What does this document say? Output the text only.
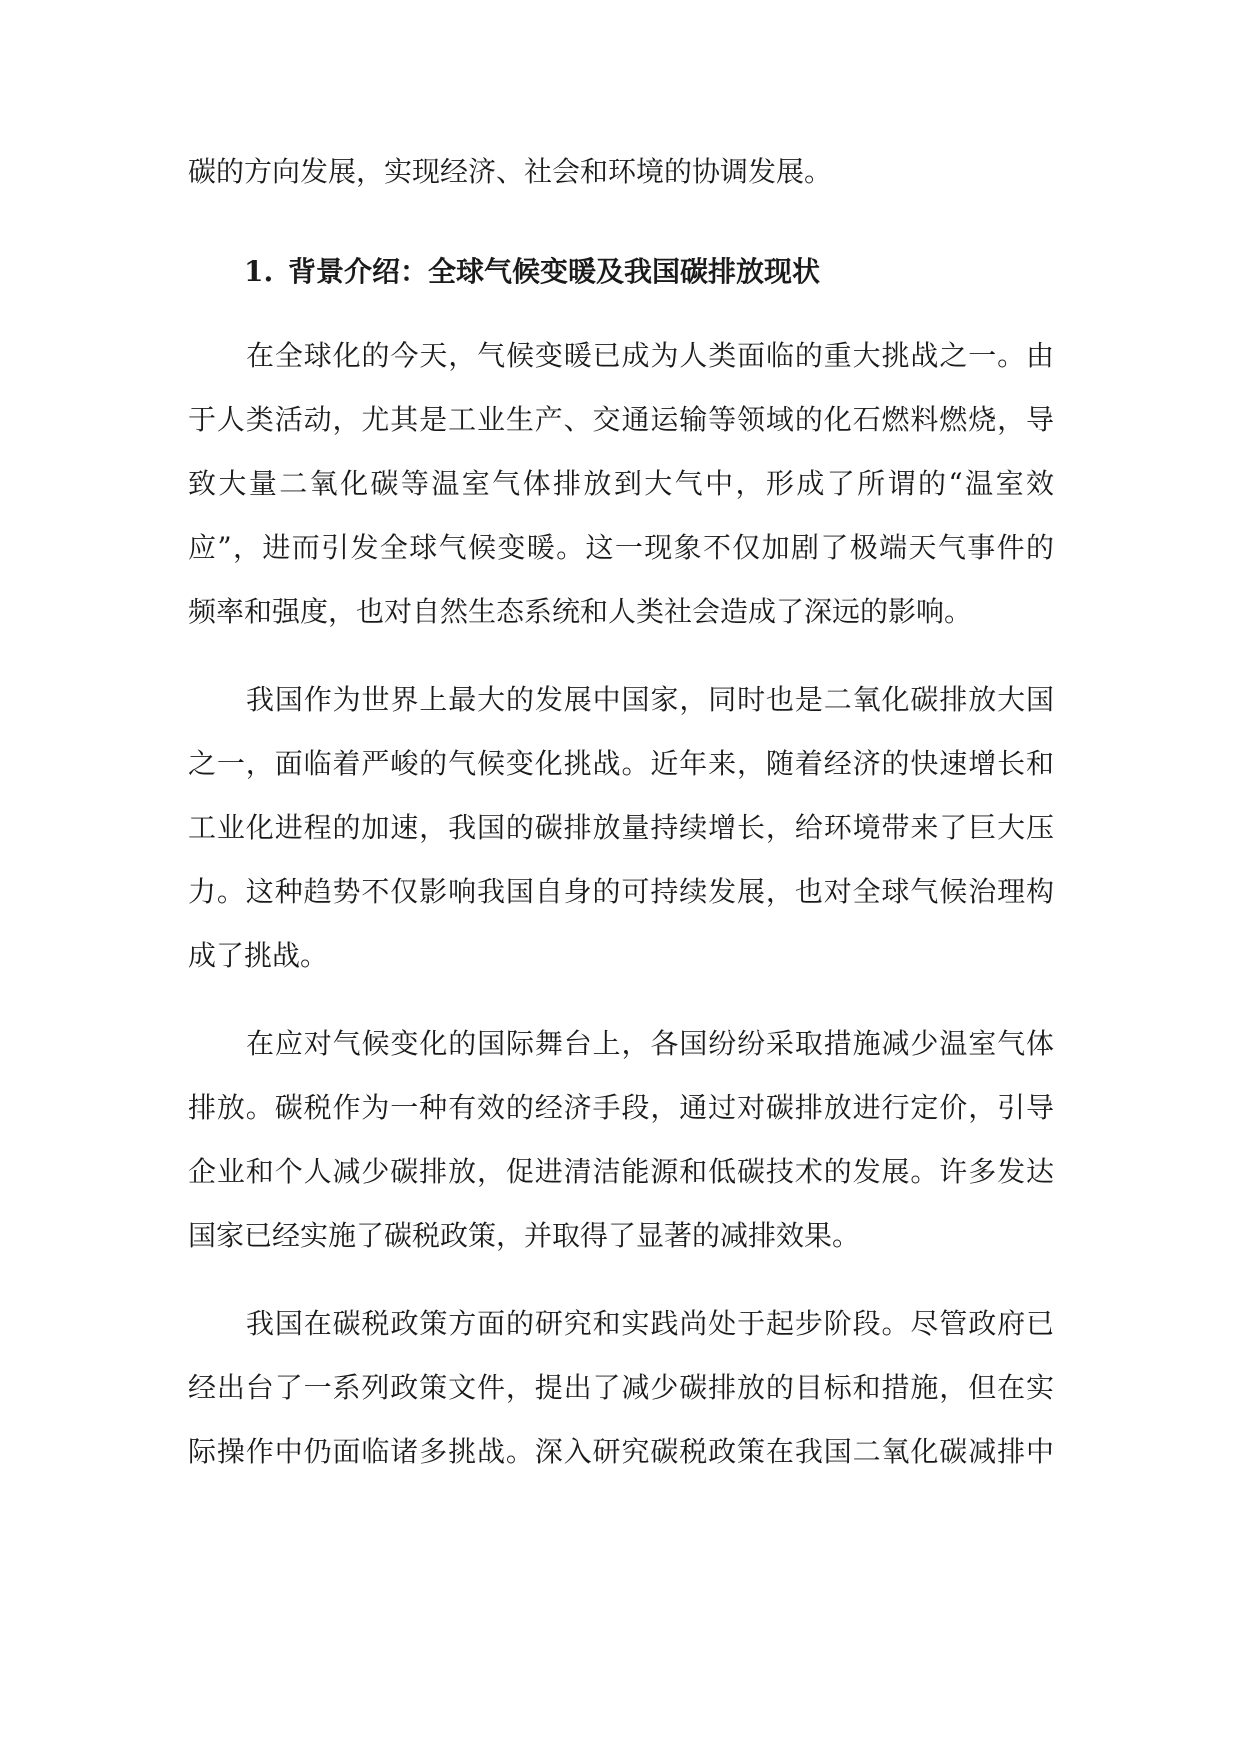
碳的方向发展，实现经济、社会和环境的协调发展。
1. 背景介绍：全球气候变暖及我国碳排放现状
在全球化的今天，气候变暖已成为人类面临的重大挑战之一。由
于人类活动，尤其是工业生产、交通运输等领域的化石燃料燃烧，导
致大量二氧化碳等温室气体排放到大气中，形成了所谓的“温室效
应”，进而引发全球气候变暖。这一现象不仅加剧了极端天气事件的
频率和强度，也对自然生态系统和人类社会造成了深远的影响。
我国作为世界上最大的发展中国家，同时也是二氧化碳排放大国
之一，面临着严峻的气候变化挑战。近年来，随着经济的快速增长和
工业化进程的加速，我国的碳排放量持续增长，给环境带来了巨大压
力。这种趋势不仅影响我国自身的可持续发展，也对全球气候治理构
成了挑战。
在应对气候变化的国际舞台上，各国纷纷采取措施减少温室气体
排放。碳税作为一种有效的经济手段，通过对碳排放进行定价，引导
企业和个人减少碳排放，促进清洁能源和低碳技术的发展。许多发达
国家已经实施了碳税政策，并取得了显著的减排效果。
我国在碳税政策方面的研究和实践尚处于起步阶段。尽管政府已
经出台了一系列政策文件，提出了减少碳排放的目标和措施，但在实
际操作中仍面临诸多挑战。深入研究碳税政策在我国二氧化碳减排中
